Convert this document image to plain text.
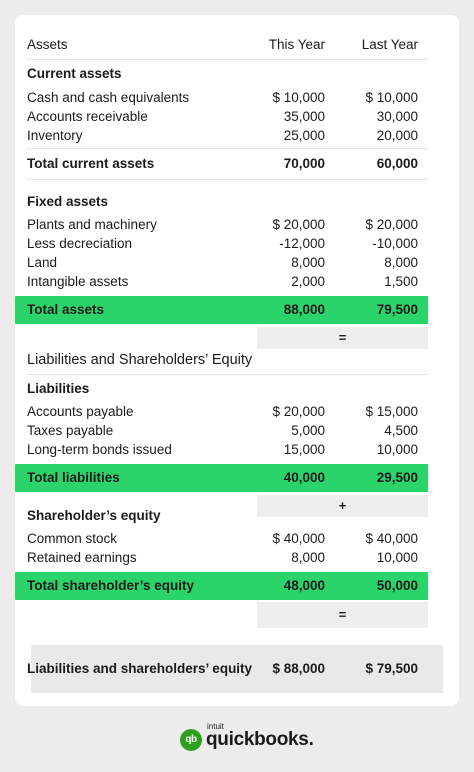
Assets	This Year	Last Year
Current assets
Cash and cash equivalents	$ 10,000	$ 10,000
Accounts receivable	35,000	30,000
Inventory	25,000	20,000
Total current assets	70,000	60,000
Fixed assets
Plants and machinery	$ 20,000	$ 20,000
Less decreciation	-12,000	-10,000
Land	8,000	8,000
Intangible assets	2,000	1,500
Total assets	88,000	79,500
=
Liabilities and Shareholders’ Equity
Liabilities
Accounts payable	$ 20,000	$ 15,000
Taxes payable	5,000	4,500
Long-term bonds issued	15,000	10,000
Total liabilities	40,000	29,500
+
Shareholder’s equity
Common stock	$ 40,000	$ 40,000
Retained earnings	8,000	10,000
Total shareholder’s equity	48,000	50,000
=
Liabilities and shareholders’ equity $ 88,000	$ 79,500
qb
intuit
quickbooks.
